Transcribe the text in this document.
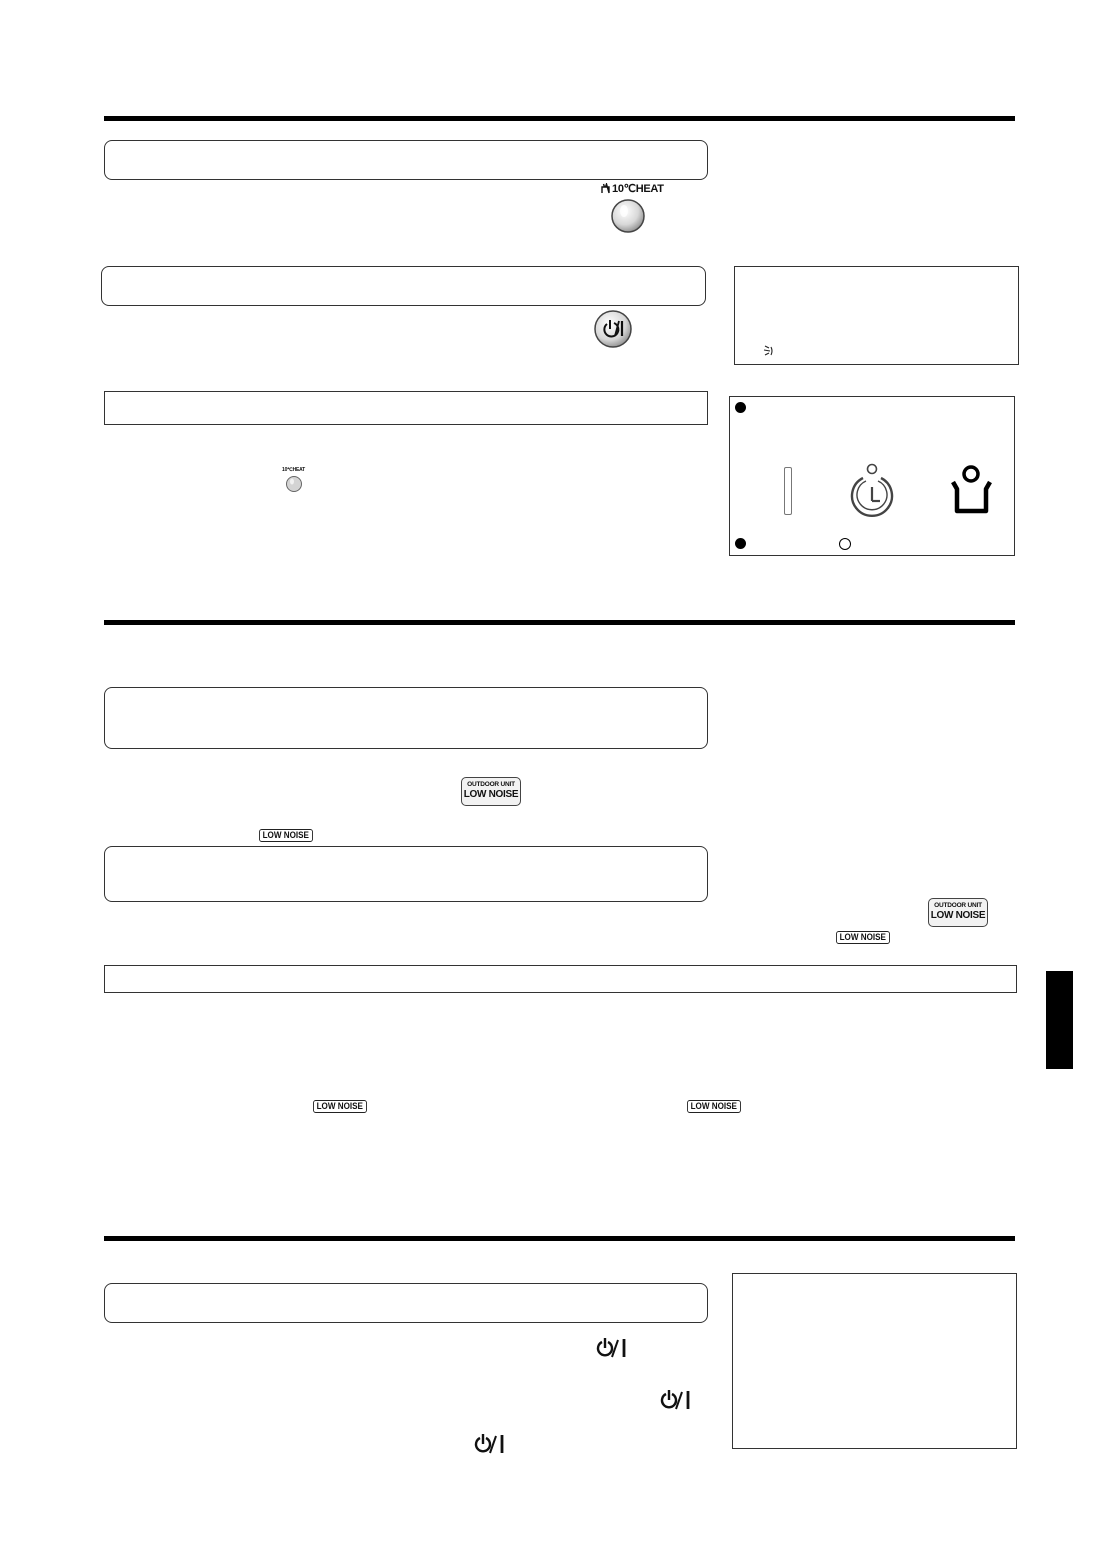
10℃HEAT
10℃HEAT
OUTDOOR UNIT
LOW NOISE
LOW NOISE
OUTDOOR UNIT
LOW NOISE
LOW NOISE
LOW NOISE	LOW NOISE
